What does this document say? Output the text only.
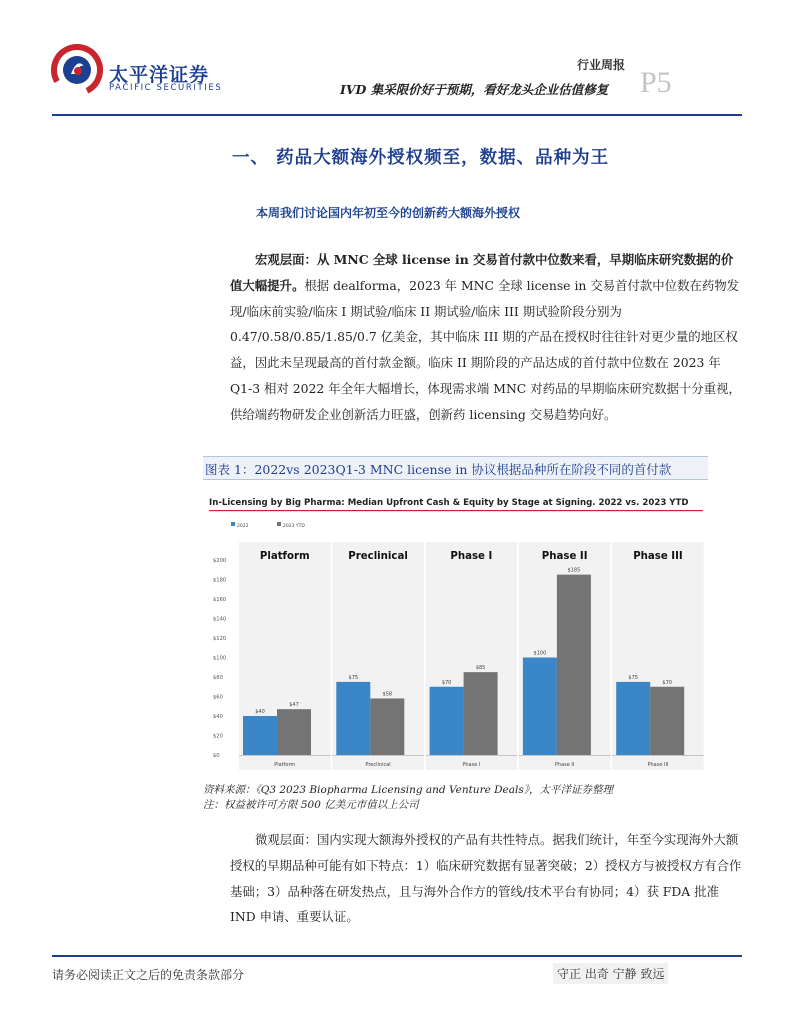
太平洋证券
PACIFIC SECURITIES
行业周报
IVD 集采限价好于预期，看好龙头企业估值修复 P5
一、 药品大额海外授权频至，数据、品种为王
本周我们讨论国内年初至今的创新药大额海外授权
宏观层面：从 MNC 全球 license in 交易首付款中位数来看，早期临床研究数据的价值大幅提升。根据 dealforma，2023 年 MNC 全球 license in 交易首付款中位数在药物发现/临床前实验/临床 I 期试验/临床 II 期试验/临床 III 期试验阶段分别为 0.47/0.58/0.85/1.85/0.7 亿美金，其中临床 III 期的产品在授权时往往针对更少量的地区权益，因此未呈现最高的首付款金额。临床 II 期阶段的产品达成的首付款中位数在 2023 年 Q1-3 相对 2022 年全年大幅增长，体现需求端 MNC 对药品的早期临床研究数据十分重视，供给端药物研发企业创新活力旺盛，创新药 licensing 交易趋势向好。
图表 1：2022vs 2023Q1-3 MNC license in 协议根据品种所在阶段不同的首付款
In-Licensing by Big Pharma: Median Upfront Cash & Equity by Stage at Signing. 2022 vs. 2023 YTD
2022	2023 YTD
$0
$20
$40
$60
$80
$100
$120
$140
$160
$180
$200	Platform
$40
$47
Platform
Preclinical
$75
$58
Preclinical
Phase I
$70
$85
Phase I
Phase II
$100
$185
Phase II
Phase III
$75
$70
Phase III
资料来源：《Q3 2023 Biopharma Licensing and Venture Deals》，太平洋证券整理
注：权益被许可方限 500 亿美元市值以上公司
微观层面：国内实现大额海外授权的产品有共性特点。据我们统计，年至今实现海外大额授权的早期品种可能有如下特点：1）临床研究数据有显著突破；2）授权方与被授权方有合作基础；3）品种落在研发热点，且与海外合作方的管线/技术平台有协同；4）获 FDA 批准 IND 申请、重要认证。
请务必阅读正文之后的免责条款部分	守正 出奇 宁静 致远
